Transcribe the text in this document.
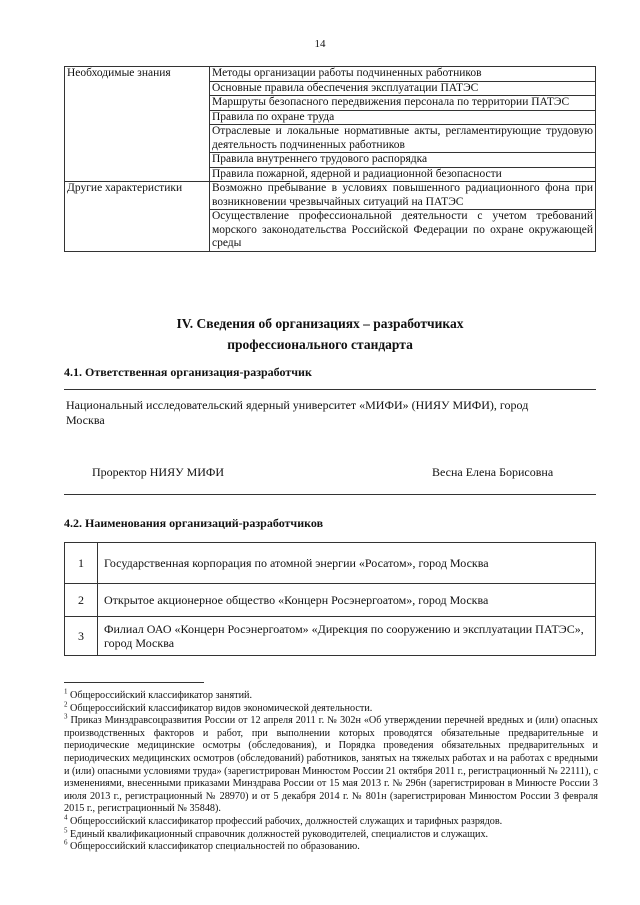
14
Необходимые знания	Методы организации работы подчиненных работников
	Основные правила обеспечения эксплуатации ПАТЭС
	Маршруты безопасного передвижения персонала по территории ПАТЭС
	Правила по охране труда
	Отраслевые и локальные нормативные акты, регламентирующие трудовую деятельность подчиненных работников
	Правила внутреннего трудового распорядка
	Правила пожарной, ядерной и радиационной безопасности
Другие характеристики	Возможно пребывание в условиях повышенного радиационного фона при возникновении чрезвычайных ситуаций на ПАТЭС
	Осуществление профессиональной деятельности с учетом требований морского законодательства Российской Федерации по охране окружающей среды
IV. Сведения об организациях – разработчиках
профессионального стандарта
4.1. Ответственная организация-разработчик
Национальный исследовательский ядерный университет «МИФИ» (НИЯУ МИФИ), город Москва
Проректор НИЯУ МИФИ	Весна Елена Борисовна
4.2. Наименования организаций-разработчиков
1	Государственная корпорация по атомной энергии «Росатом», город Москва
2	Открытое акционерное общество «Концерн Росэнергоатом», город Москва
3	Филиал ОАО «Концерн Росэнергоатом» «Дирекция по сооружению и эксплуатации ПАТЭС», город Москва

$^1$ Общероссийский классификатор занятий.

$^2$ Общероссийский классификатор видов экономической деятельности.

$^3$ Приказ Минздравсоцразвития России от 12 апреля 2011 г. № 302н «Об утверждении перечней вредных и (или) опасных производственных факторов и работ, при выполнении которых проводятся обязательные предварительные и периодические медицинские осмотры (обследования), и Порядка проведения обязательных предварительных и периодических медицинских осмотров (обследований) работников, занятых на тяжелых работах и на работах с вредными и (или) опасными условиями труда» (зарегистрирован Минюстом России 21 октября 2011 г., регистрационный № 22111), с изменениями, внесенными приказами Минздрава России от 15 мая 2013 г. № 296н (зарегистрирован в Минюсте России 3 июля 2013 г., регистрационный № 28970) и от 5 декабря 2014 г. № 801н (зарегистрирован Минюстом России 3 февраля 2015 г., регистрационный № 35848).

$^4$ Общероссийский классификатор профессий рабочих, должностей служащих и тарифных разрядов.

$^5$ Единый квалификационный справочник должностей руководителей, специалистов и служащих.

$^6$ Общероссийский классификатор специальностей по образованию.
